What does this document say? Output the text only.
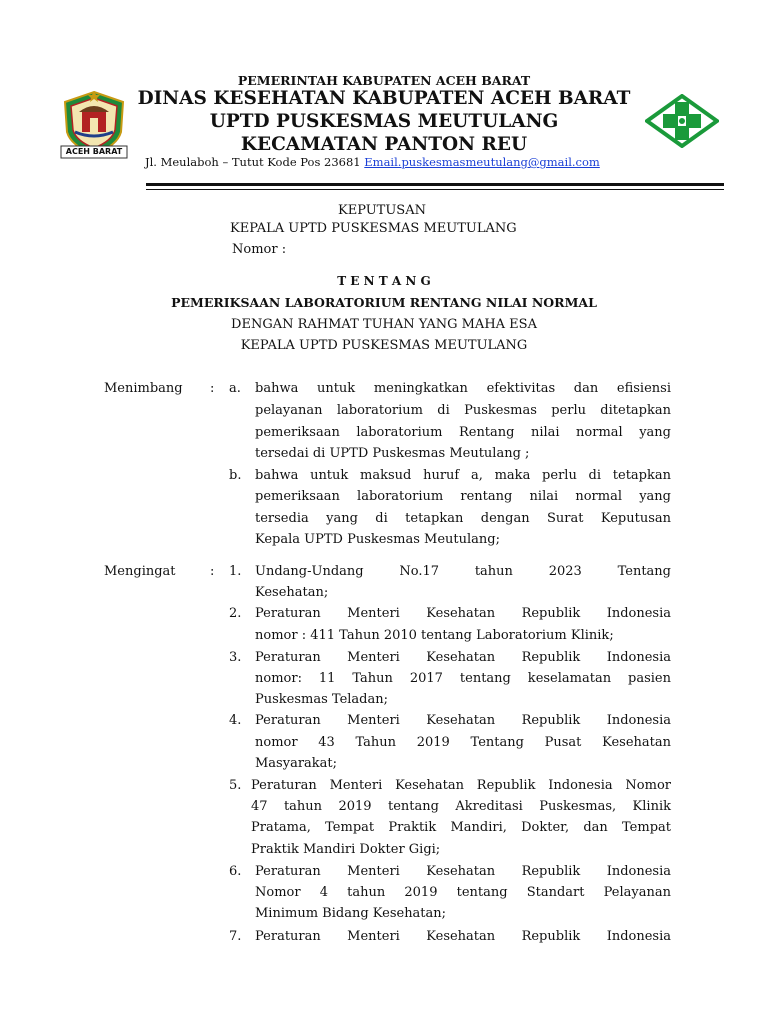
PEMERINTAH KABUPATEN ACEH BARAT
DINAS KESEHATAN KABUPATEN ACEH BARAT
UPTD PUSKESMAS MEUTULANG
KECAMATAN PANTON REU
ACEH BARAT
Jl. Meulaboh – Tutut Kode Pos 23681 Email.puskesmasmeutulang@gmail.com
KEPUTUSAN
KEPALA UPTD PUSKESMAS MEUTULANG
Nomor :
T E N T A N G
PEMERIKSAAN LABORATORIUM RENTANG NILAI NORMAL
DENGAN RAHMAT TUHAN YANG MAHA ESA
KEPALA UPTD PUSKESMAS MEUTULANG
Menimbang : a. bahwa untuk meningkatkan efektivitas dan efisiensi
pelayanan laboratorium di Puskesmas perlu ditetapkan
pemeriksaan laboratorium Rentang nilai normal yang
tersedai di UPTD Puskesmas Meutulang ;
b. bahwa untuk maksud huruf a, maka perlu di tetapkan
pemeriksaan laboratorium rentang nilai normal yang
tersedia yang di tetapkan dengan Surat Keputusan
Kepala UPTD Puskesmas Meutulang;
Mengingat	: 1. Undang-Undang No.17 tahun 2023 Tentang
Kesehatan;
2. Peraturan Menteri Kesehatan Republik Indonesia
nomor : 411 Tahun 2010 tentang Laboratorium Klinik;
3. Peraturan Menteri Kesehatan Republik Indonesia
nomor: 11 Tahun 2017 tentang keselamatan pasien
Puskesmas Teladan;
4. Peraturan Menteri Kesehatan Republik Indonesia
nomor 43 Tahun 2019 Tentang Pusat Kesehatan
Masyarakat;
5. Peraturan Menteri Kesehatan Republik Indonesia Nomor
47 tahun 2019 tentang Akreditasi Puskesmas, Klinik
Pratama, Tempat Praktik Mandiri, Dokter, dan Tempat
Praktik Mandiri Dokter Gigi;
6. Peraturan Menteri Kesehatan Republik Indonesia
Nomor 4 tahun 2019 tentang Standart Pelayanan
Minimum Bidang Kesehatan;
7. Peraturan Menteri Kesehatan Republik Indonesia
